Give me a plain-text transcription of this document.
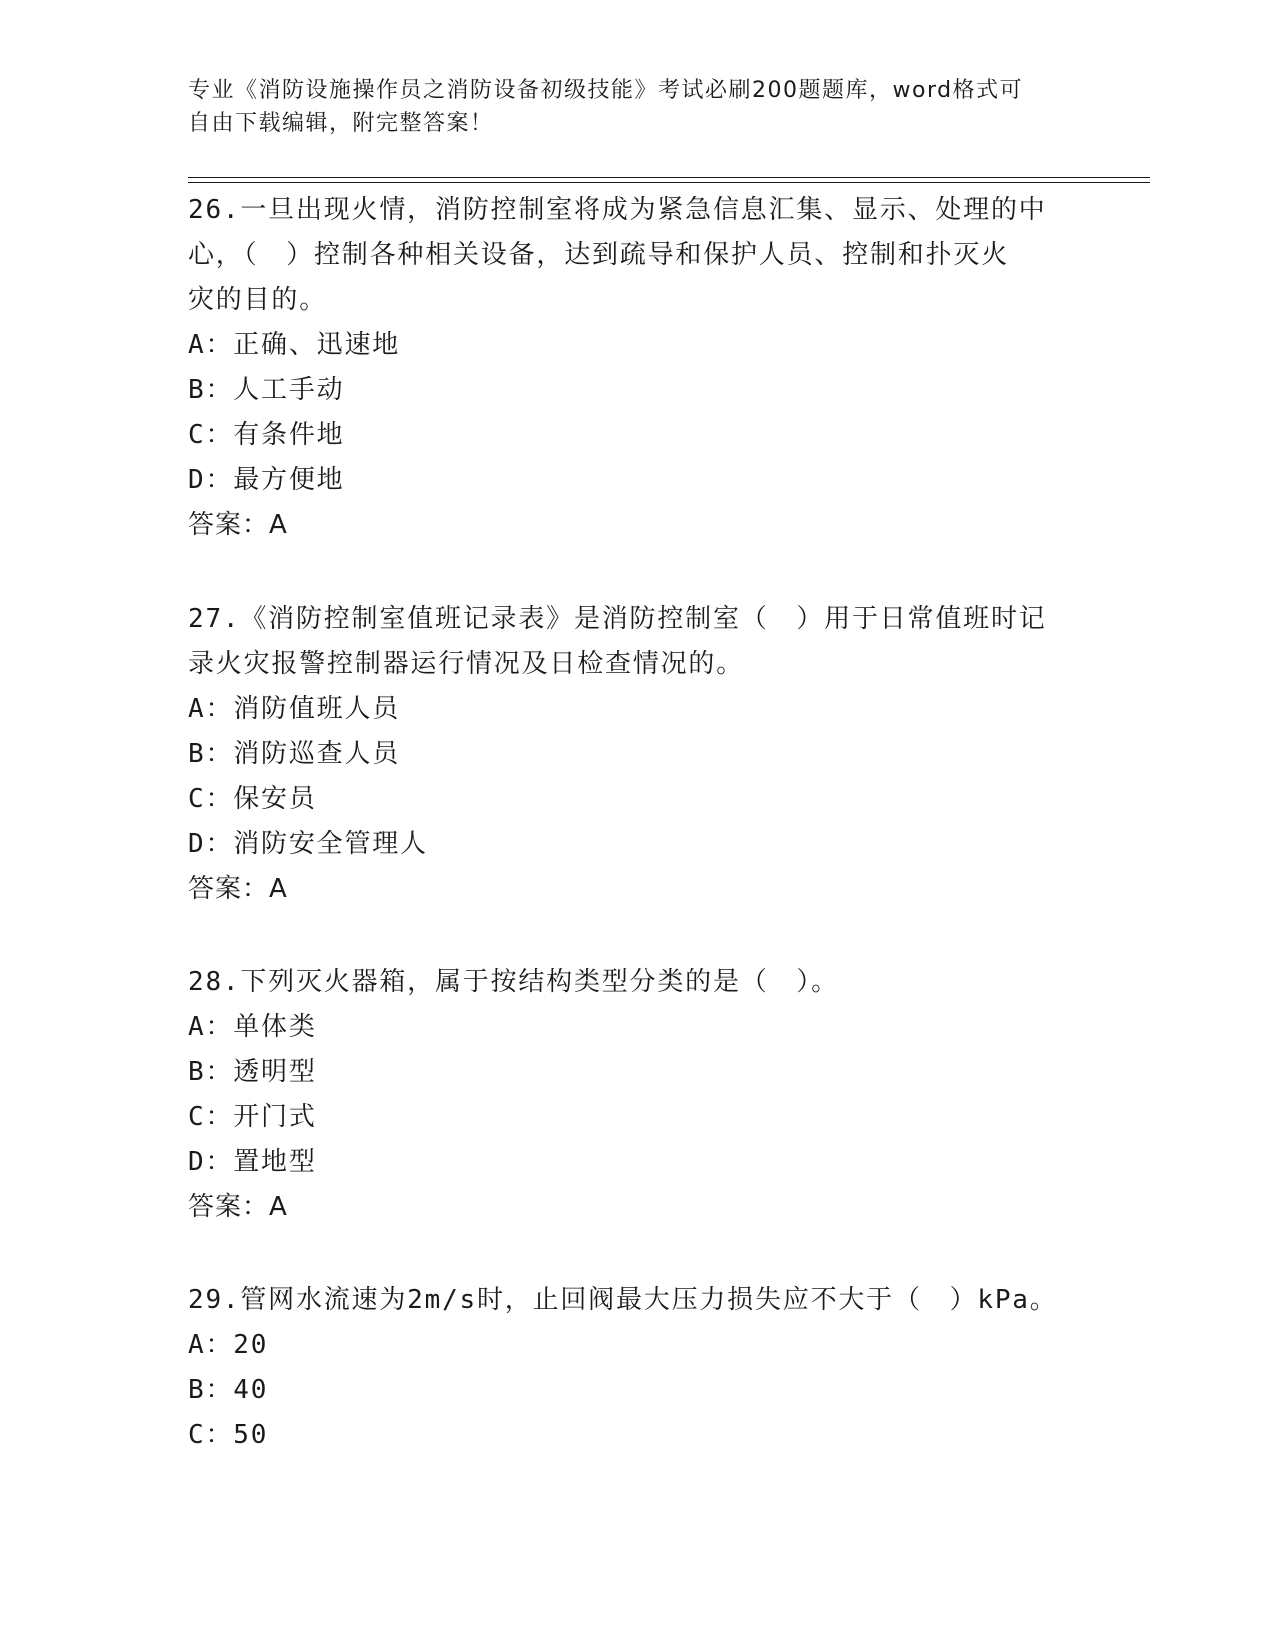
专业《消防设施操作员之消防设备初级技能》考试必刷200题题库，word格式可
自由下载编辑，附完整答案！

26.一旦出现火情，消防控制室将成为紧急信息汇集、显示、处理的中

心，（　）控制各种相关设备，达到疏导和保护人员、控制和扑灭火

灾的目的。

A：正确、迅速地

B：人工手动

C：有条件地

D：最方便地

答案：A

27.《消防控制室值班记录表》是消防控制室（　）用于日常值班时记

录火灾报警控制器运行情况及日检查情况的。

A：消防值班人员

B：消防巡查人员

C：保安员

D：消防安全管理人

答案：A

28.下列灭火器箱，属于按结构类型分类的是（　）。

A：单体类

B：透明型

C：开门式

D：置地型

答案：A

29.管网水流速为2m/s时，止回阀最大压力损失应不大于（　）kPa。

A：20

B：40

C：50
